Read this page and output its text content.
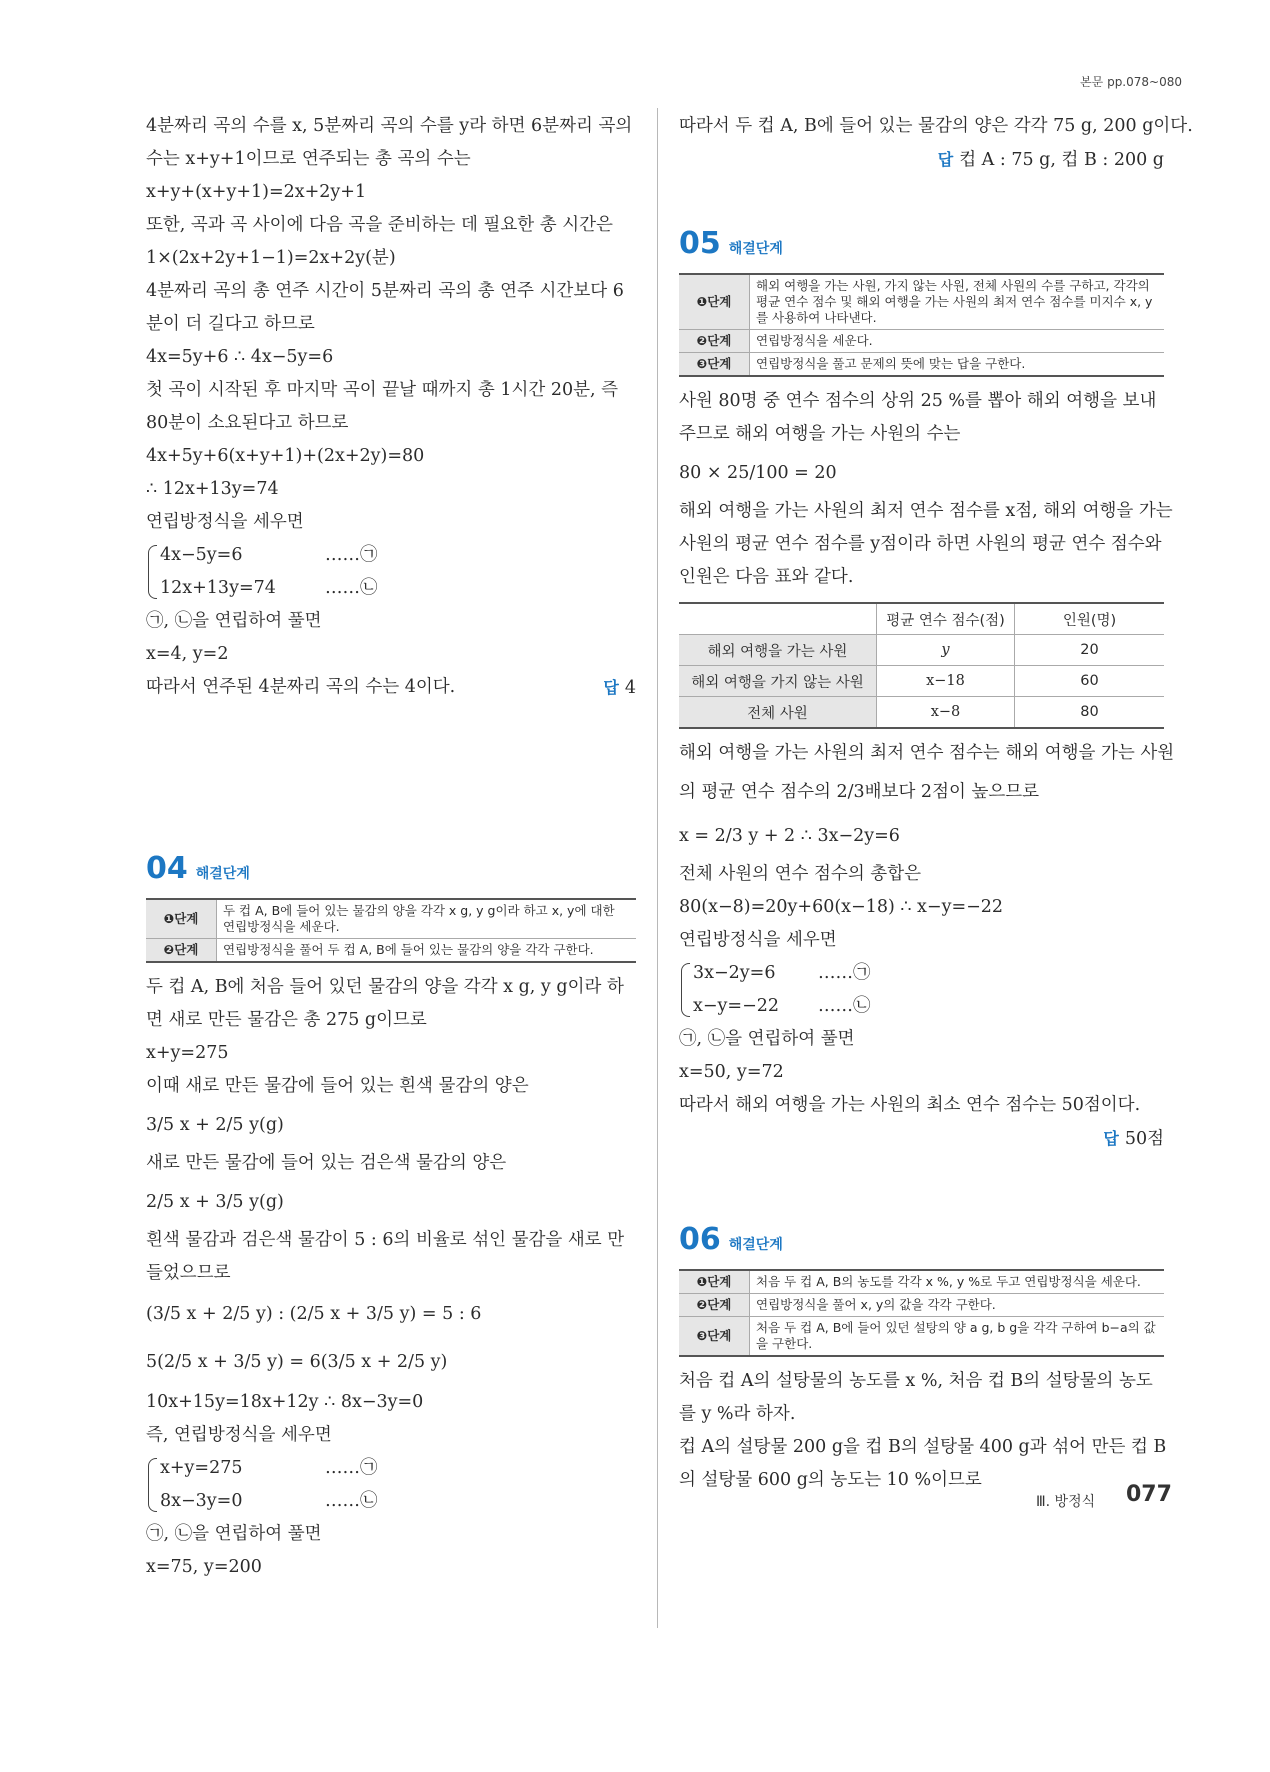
본문 pp.078~080
4분짜리 곡의 수를 x, 5분짜리 곡의 수를 y라 하면 6분짜리 곡의
수는 x+y+1이므로 연주되는 총 곡의 수는
x+y+(x+y+1)=2x+2y+1
또한, 곡과 곡 사이에 다음 곡을 준비하는 데 필요한 총 시간은
1×(2x+2y+1−1)=2x+2y(분)
4분짜리 곡의 총 연주 시간이 5분짜리 곡의 총 연주 시간보다 6
분이 더 길다고 하므로
4x=5y+6 ∴ 4x−5y=6
첫 곡이 시작된 후 마지막 곡이 끝날 때까지 총 1시간 20분, 즉
80분이 소요된다고 하므로
4x+5y+6(x+y+1)+(2x+2y)=80
∴ 12x+13y=74
연립방정식을 세우면
4x−5y=6	……㉠
12x+13y=74	……㉡
㉠, ㉡을 연립하여 풀면
x=4, y=2
따라서 연주된 4분짜리 곡의 수는 4이다.	답 4
04 해결단계
❶단계	두 컵 A, B에 들어 있는 물감의 양을 각각 x g, y g이라 하고 x, y에 대한 연립방정식을 세운다.
❷단계	연립방정식을 풀어 두 컵 A, B에 들어 있는 물감의 양을 각각 구한다.
두 컵 A, B에 처음 들어 있던 물감의 양을 각각 x g, y g이라 하
면 새로 만든 물감은 총 275 g이므로
x+y=275
이때 새로 만든 물감에 들어 있는 흰색 물감의 양은
3/5 x + 2/5 y(g)
새로 만든 물감에 들어 있는 검은색 물감의 양은
2/5 x + 3/5 y(g)
흰색 물감과 검은색 물감이 5 : 6의 비율로 섞인 물감을 새로 만
들었으므로
(3/5 x + 2/5 y) : (2/5 x + 3/5 y) = 5 : 6
5(2/5 x + 3/5 y) = 6(3/5 x + 2/5 y)
10x+15y=18x+12y ∴ 8x−3y=0
즉, 연립방정식을 세우면
x+y=275	……㉠
8x−3y=0	……㉡
㉠, ㉡을 연립하여 풀면
x=75, y=200
따라서 두 컵 A, B에 들어 있는 물감의 양은 각각 75 g, 200 g이다.
답 컵 A : 75 g, 컵 B : 200 g
05 해결단계
❶단계	해외 여행을 가는 사원, 가지 않는 사원, 전체 사원의 수를 구하고, 각각의 평균 연수 점수 및 해외 여행을 가는 사원의 최저 연수 점수를 미지수 x, y를 사용하여 나타낸다.
❷단계	연립방정식을 세운다.
❸단계	연립방정식을 풀고 문제의 뜻에 맞는 답을 구한다.
사원 80명 중 연수 점수의 상위 25 %를 뽑아 해외 여행을 보내
주므로 해외 여행을 가는 사원의 수는
80 × 25/100 = 20
해외 여행을 가는 사원의 최저 연수 점수를 x점, 해외 여행을 가는
사원의 평균 연수 점수를 y점이라 하면 사원의 평균 연수 점수와
인원은 다음 표와 같다.
	평균 연수 점수(점)	인원(명)
해외 여행을 가는 사원	y	20
해외 여행을 가지 않는 사원	x−18	60
전체 사원	x−8	80
해외 여행을 가는 사원의 최저 연수 점수는 해외 여행을 가는 사원
의 평균 연수 점수의 2/3배보다 2점이 높으므로
x = 2/3 y + 2 ∴ 3x−2y=6
전체 사원의 연수 점수의 총합은
80(x−8)=20y+60(x−18) ∴ x−y=−22
연립방정식을 세우면
3x−2y=6 ……㉠
x−y=−22 ……㉡
㉠, ㉡을 연립하여 풀면
x=50, y=72
따라서 해외 여행을 가는 사원의 최소 연수 점수는 50점이다.
답 50점
06 해결단계
❶단계	처음 두 컵 A, B의 농도를 각각 x %, y %로 두고 연립방정식을 세운다.
❷단계	연립방정식을 풀어 x, y의 값을 각각 구한다.
❸단계	처음 두 컵 A, B에 들어 있던 설탕의 양 a g, b g을 각각 구하여 b−a의 값을 구한다.
처음 컵 A의 설탕물의 농도를 x %, 처음 컵 B의 설탕물의 농도
를 y %라 하자.
컵 A의 설탕물 200 g을 컵 B의 설탕물 400 g과 섞어 만든 컵 B
의 설탕물 600 g의 농도는 10 %이므로
Ⅲ. 방정식 077
